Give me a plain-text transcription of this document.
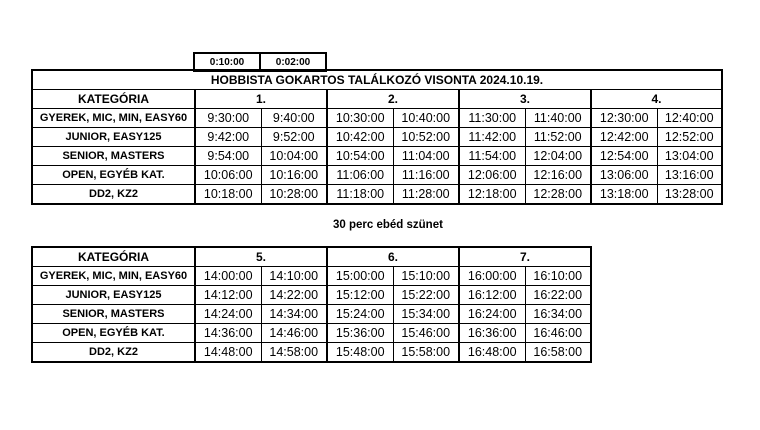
0:10:00	0:02:00
HOBBISTA GOKARTOS TALÁLKOZÓ VISONTA 2024.10.19.								
KATEGÓRIA	1.		2.		3.		4.	
GYEREK, MIC, MIN, EASY60	9:30:00	9:40:00	10:30:00	10:40:00	11:30:00	11:40:00	12:30:00	12:40:00
JUNIOR, EASY125	9:42:00	9:52:00	10:42:00	10:52:00	11:42:00	11:52:00	12:42:00	12:52:00
SENIOR, MASTERS	9:54:00	10:04:00	10:54:00	11:04:00	11:54:00	12:04:00	12:54:00	13:04:00
OPEN, EGYÉB KAT.	10:06:00	10:16:00	11:06:00	11:16:00	12:06:00	12:16:00	13:06:00	13:16:00
DD2, KZ2	10:18:00	10:28:00	11:18:00	11:28:00	12:18:00	12:28:00	13:18:00	13:28:00
30 perc ebéd szünet
KATEGÓRIA	5.		6.		7.	
GYEREK, MIC, MIN, EASY60	14:00:00	14:10:00	15:00:00	15:10:00	16:00:00	16:10:00
JUNIOR, EASY125	14:12:00	14:22:00	15:12:00	15:22:00	16:12:00	16:22:00
SENIOR, MASTERS	14:24:00	14:34:00	15:24:00	15:34:00	16:24:00	16:34:00
OPEN, EGYÉB KAT.	14:36:00	14:46:00	15:36:00	15:46:00	16:36:00	16:46:00
DD2, KZ2	14:48:00	14:58:00	15:48:00	15:58:00	16:48:00	16:58:00
